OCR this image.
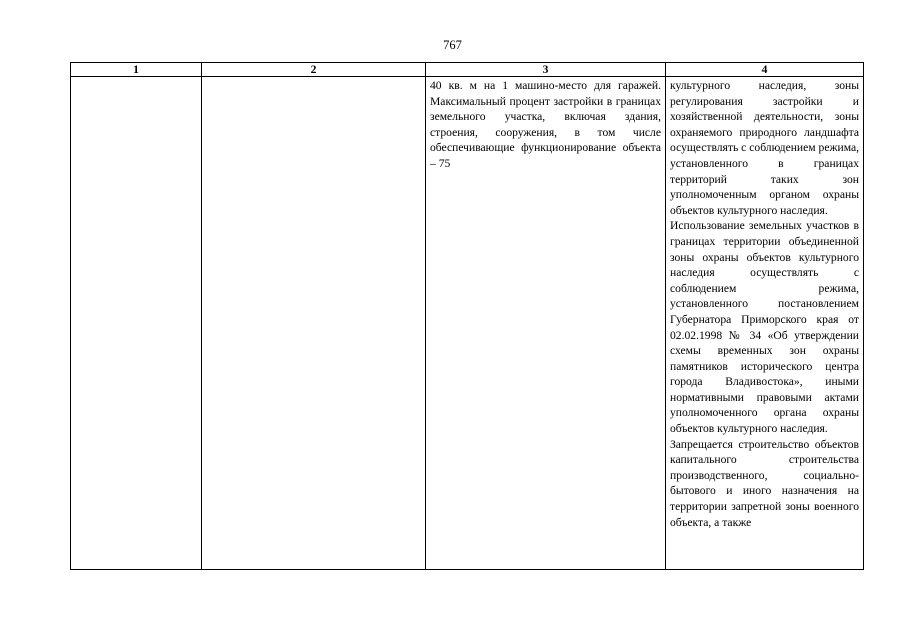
767
1	2	3	4

		40 кв. м на 1 машино-место для гаражей. Максимальный процент застройки в границах земельного участка, включая здания, строения, сооружения, в том числе обеспечивающие функционирование объекта – 75	культурного наследия, зоны регулирования застройки и хозяйственной деятельности, зоны охраняемого природного ландшафта осуществлять с соблюдением режима, установленного в границах территорий таких зон уполномоченным органом охраны объектов культурного наследия.

Использование земельных участков в границах территории объединенной зоны охраны объектов культурного наследия осуществлять с соблюдением режима, установленного постановлением Губернатора Приморского края от 02.02.1998 № 34 «Об утверждении схемы временных зон охраны памятников исторического центра города Владивостока», иными нормативными правовыми актами уполномоченного органа охраны объектов культурного наследия.

Запрещается строительство объектов капитального строительства производственного, социально-бытового и иного назначения на территории запретной зоны военного объекта, а также
